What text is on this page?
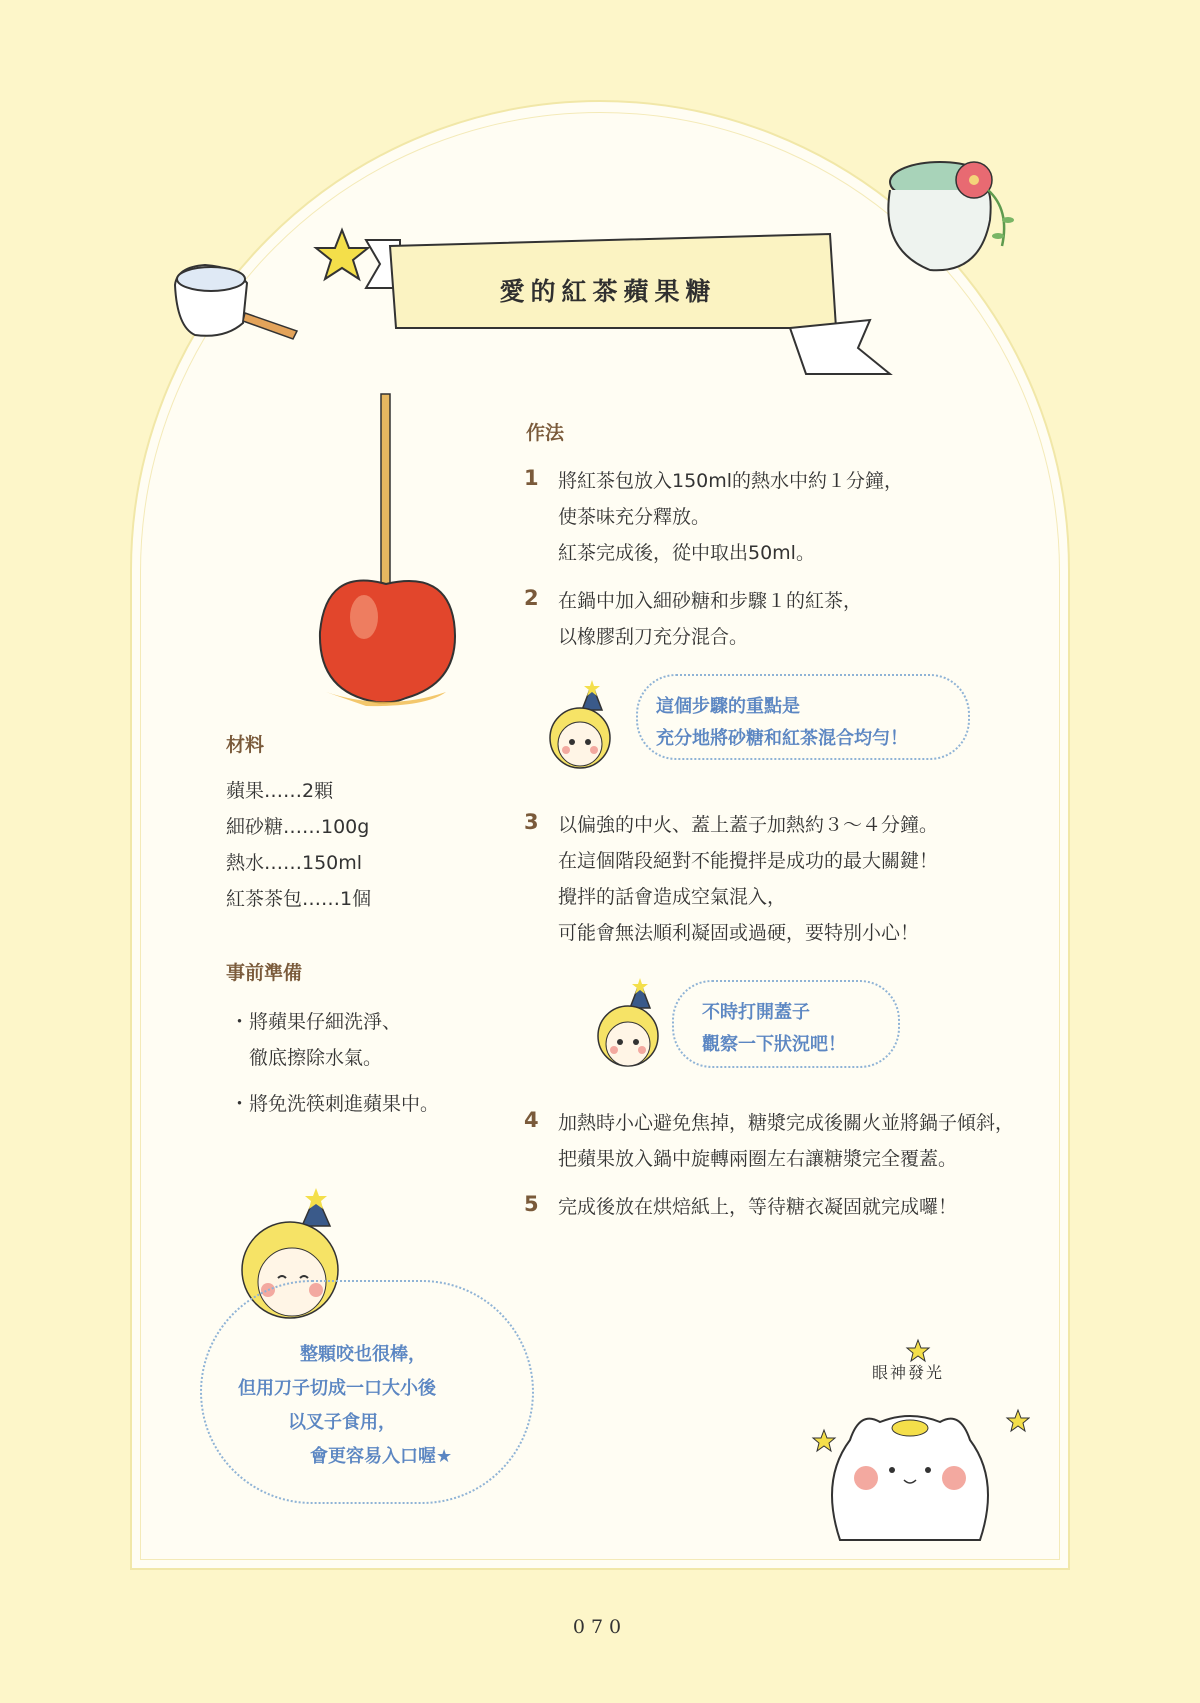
愛的紅茶蘋果糖
材料
蘋果……2顆
細砂糖……100g
熱水……150ml
紅茶茶包……1個
事前準備
・將蘋果仔細洗淨、
　徹底擦除水氣。
・將免洗筷刺進蘋果中。
作法
1 將紅茶包放入150ml的熱水中約１分鐘，
使茶味充分釋放。
紅茶完成後，從中取出50ml。
2 在鍋中加入細砂糖和步驟１的紅茶，
以橡膠刮刀充分混合。
這個步驟的重點是
充分地將砂糖和紅茶混合均勻！
3 以偏強的中火、蓋上蓋子加熱約３～４分鐘。
在這個階段絕對不能攪拌是成功的最大關鍵！
攪拌的話會造成空氣混入，
可能會無法順利凝固或過硬，要特別小心！
不時打開蓋子
觀察一下狀況吧！
4 加熱時小心避免焦掉，糖漿完成後關火並將鍋子傾斜，
把蘋果放入鍋中旋轉兩圈左右讓糖漿完全覆蓋。
5 完成後放在烘焙紙上，等待糖衣凝固就完成囉！
整顆咬也很棒，
但用刀子切成一口大小後
以叉子食用，
會更容易入口喔★
眼神發光
070
